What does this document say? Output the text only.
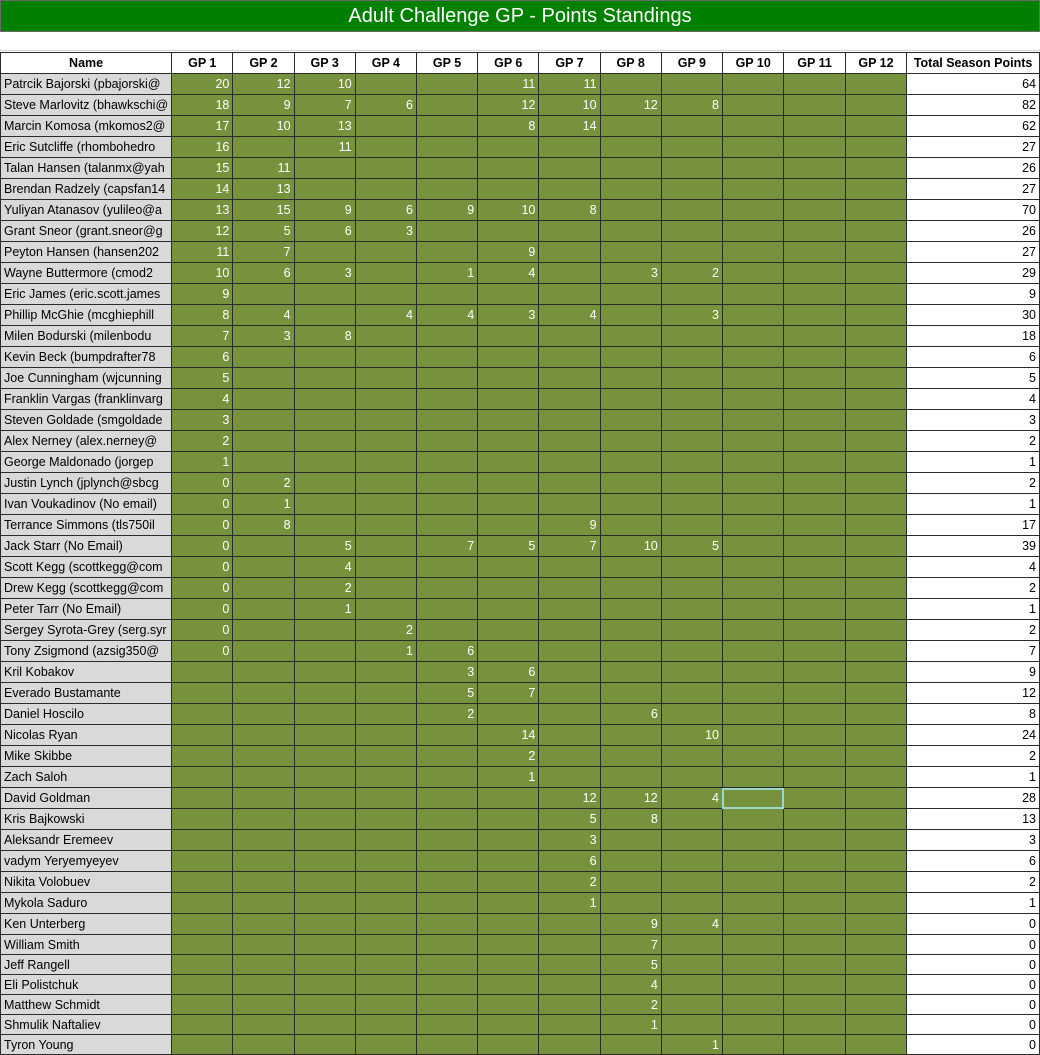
Adult Challenge GP - Points Standings
Name	GP 1	GP 2	GP 3	GP 4	GP 5	GP 6	GP 7	GP 8	GP 9	GP 10	GP 11	GP 12	Total Season Points
Patrcik Bajorski (pbajorski@	20	12	10			11	11						64
Steve Marlovitz (bhawkschi@	18	9	7	6		12	10	12	8				82
Marcin Komosa (mkomos2@	17	10	13			8	14						62
Eric Sutcliffe (rhombohedro	16		11										27
Talan Hansen (talanmx@yah	15	11											26
Brendan Radzely (capsfan14	14	13											27
Yuliyan Atanasov (yulileo@a	13	15	9	6	9	10	8						70
Grant Sneor (grant.sneor@g	12	5	6	3									26
Peyton Hansen (hansen202	11	7				9							27
Wayne Buttermore (cmod2	10	6	3		1	4		3	2				29
Eric James (eric.scott.james	9												9
Phillip McGhie (mcghiephill	8	4		4	4	3	4		3				30
Milen Bodurski (milenbodu	7	3	8										18
Kevin Beck (bumpdrafter78	6												6
Joe Cunningham (wjcunning	5												5
Franklin Vargas (franklinvarg	4												4
Steven Goldade (smgoldade	3												3
Alex Nerney (alex.nerney@	2												2
George Maldonado (jorgep	1												1
Justin Lynch (jplynch@sbcg	0	2											2
Ivan Voukadinov (No email)	0	1											1
Terrance Simmons (tls750il	0	8					9						17
Jack Starr (No Email)	0		5		7	5	7	10	5				39
Scott Kegg (scottkegg@com	0		4										4
Drew Kegg (scottkegg@com	0		2										2
Peter Tarr (No Email)	0		1										1
Sergey Syrota-Grey (serg.syr	0			2									2
Tony Zsigmond (azsig350@	0			1	6								7
Kril Kobakov					3	6							9
Everado Bustamante					5	7							12
Daniel Hoscilo					2			6					8
Nicolas Ryan						14			10				24
Mike Skibbe						2							2
Zach Saloh						1							1
David Goldman							12	12	4				28
Kris Bajkowski							5	8					13
Aleksandr Eremeev							3						3
vadym Yeryemyeyev							6						6
Nikita Volobuev							2						2
Mykola Saduro							1						1
Ken Unterberg								9	4				0
William Smith								7					0
Jeff Rangell								5					0
Eli Polistchuk								4					0
Matthew Schmidt								2					0
Shmulik Naftaliev								1					0
Tyron Young									1				0
